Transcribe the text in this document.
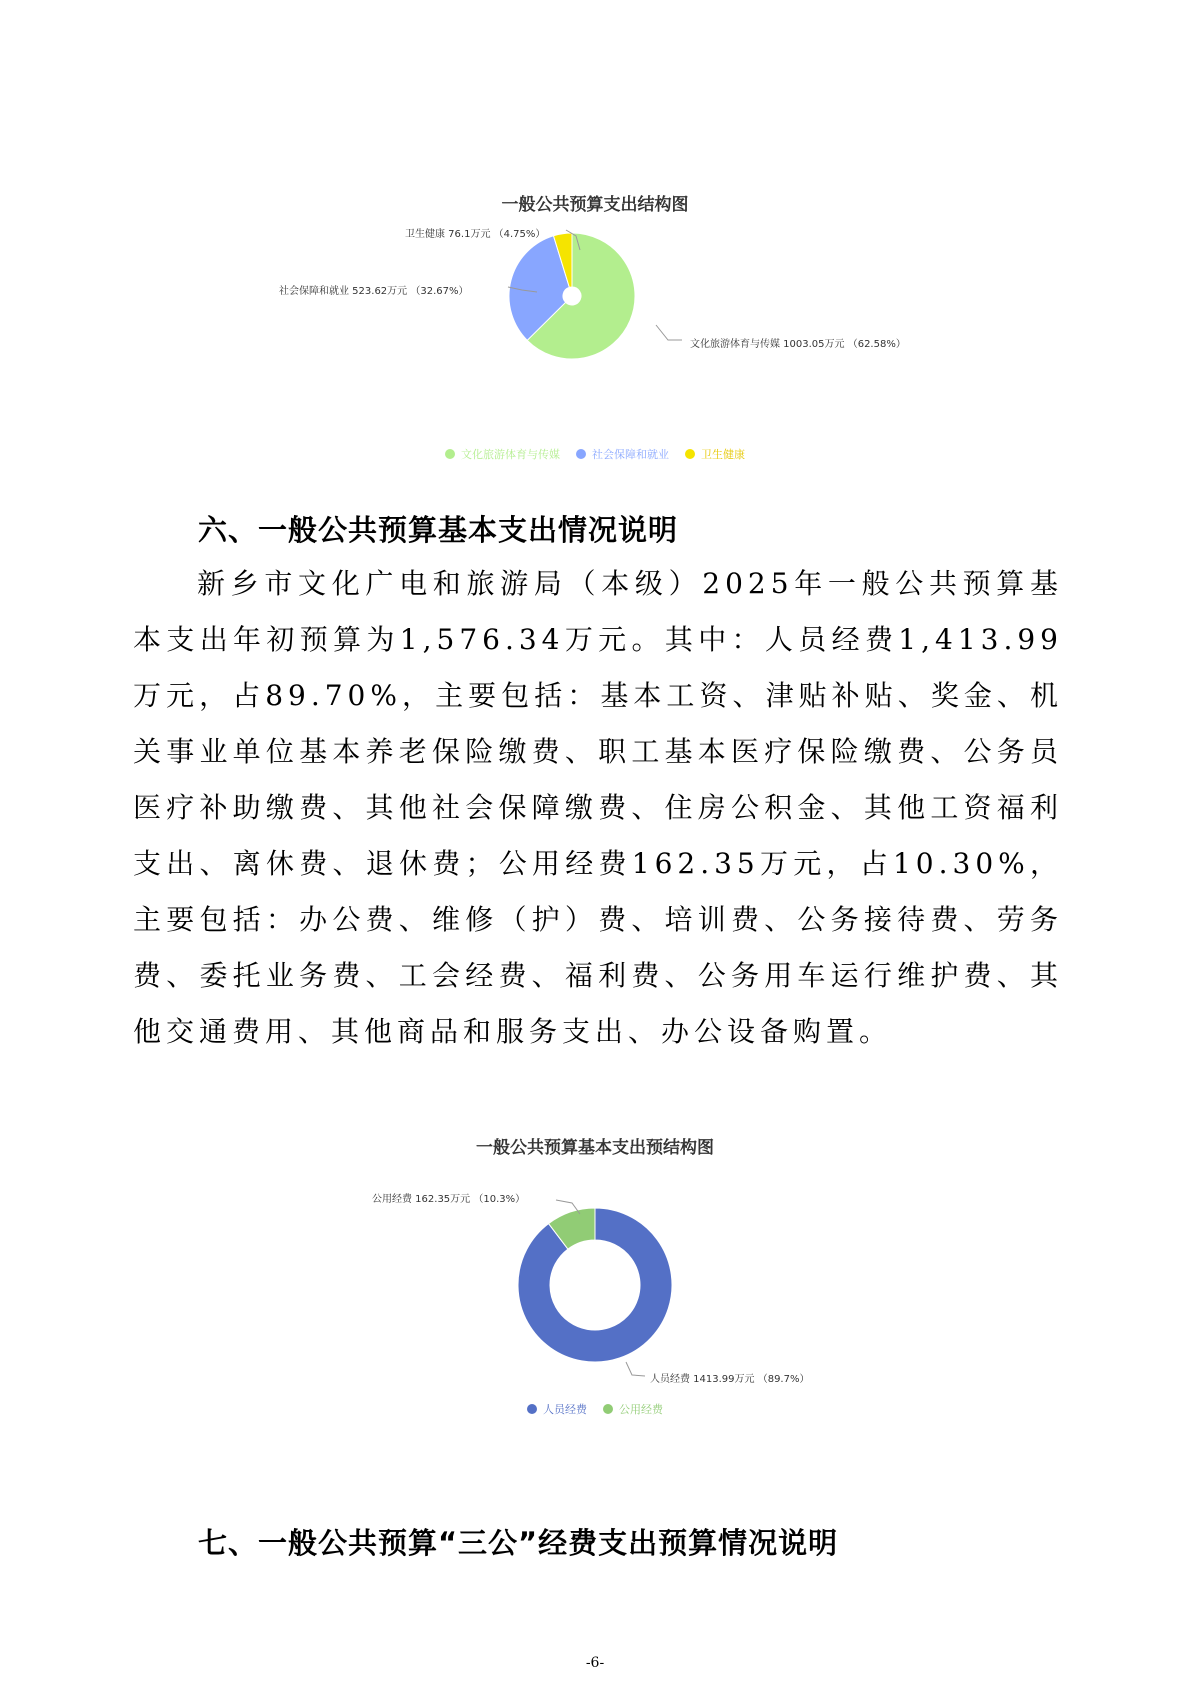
一般公共预算支出结构图
卫生健康 76.1万元 （4.75%）
社会保障和就业 523.62万元 （32.67%）
文化旅游体育与传媒 1003.05万元 （62.58%）
文化旅游体育与传媒	社会保障和就业	卫生健康
六、一般公共预算基本支出情况说明

新乡市文化广电和旅游局（本级）2025年一般公共预算基本支出年初预算为1,576.34万元。其中：人员经费1,413.99万元，占89.70%，主要包括：基本工资、津贴补贴、奖金、机关事业单位基本养老保险缴费、职工基本医疗保险缴费、公务员医疗补助缴费、其他社会保障缴费、住房公积金、其他工资福利支出、离休费、退休费；公用经费162.35万元，占10.30%，主要包括：办公费、维修（护）费、培训费、公务接待费、劳务费、委托业务费、工会经费、福利费、公务用车运行维护费、其他交通费用、其他商品和服务支出、办公设备购置。

一般公共预算基本支出预结构图
公用经费 162.35万元 （10.3%）
人员经费 1413.99万元 （89.7%）
人员经费	公用经费
七、一般公共预算“三公”经费支出预算情况说明
-6-
